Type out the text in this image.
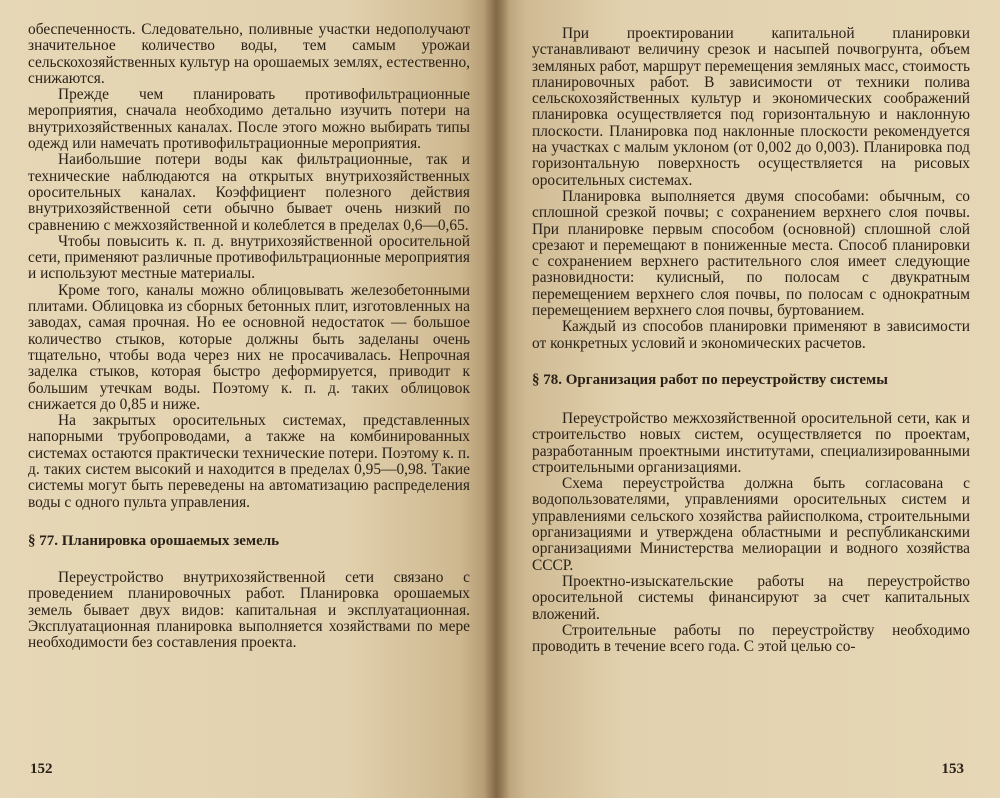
обеспеченность. Следовательно, поливные участки недополучают значительное количество воды, тем самым урожаи сельскохозяйственных культур на орошаемых землях, естественно, снижаются.

Прежде чем планировать противофильтрационные мероприятия, сначала необходимо детально изучить потери на внутрихозяйственных каналах. После этого можно выбирать типы одежд или намечать противофильтрационные мероприятия.

Наибольшие потери воды как фильтрационные, так и технические наблюдаются на открытых внутрихозяйственных оросительных каналах. Коэффициент полезного действия внутрихозяйственной сети обычно бывает очень низкий по сравнению с межхозяйственной и колеблется в пределах 0,6—0,65.

Чтобы повысить к. п. д. внутрихозяйственной оросительной сети, применяют различные противофильтрационные мероприятия и используют местные материалы.

Кроме того, каналы можно облицовывать железобетонными плитами. Облицовка из сборных бетонных плит, изготовленных на заводах, самая прочная. Но ее основной недостаток — большое количество стыков, которые должны быть заделаны очень тщательно, чтобы вода через них не просачивалась. Непрочная заделка стыков, которая быстро деформируется, приводит к большим утечкам воды. Поэтому к. п. д. таких облицовок снижается до 0,85 и ниже.

На закрытых оросительных системах, представленных напорными трубопроводами, а также на комбинированных системах остаются практически технические потери. Поэтому к. п. д. таких систем высокий и находится в пределах 0,95—0,98. Такие системы могут быть переведены на автоматизацию распределения воды с одного пульта управления.

§ 77. Планировка орошаемых земель

Переустройство внутрихозяйственной сети связано с проведением планировочных работ. Планировка орошаемых земель бывает двух видов: капитальная и эксплуатационная. Эксплуатационная планировка выполняется хозяйствами по мере необходимости без составления проекта.

152

При проектировании капитальной планировки устанавливают величину срезок и насыпей почвогрунта, объем земляных работ, маршрут перемещения земляных масс, стоимость планировочных работ. В зависимости от техники полива сельскохозяйственных культур и экономических соображений планировка осуществляется под горизонтальную и наклонную плоскости. Планировка под наклонные плоскости рекомендуется на участках с малым уклоном (от 0,002 до 0,003). Планировка под горизонтальную поверхность осуществляется на рисовых оросительных системах.

Планировка выполняется двумя способами: обычным, со сплошной срезкой почвы; с сохранением верхнего слоя почвы. При планировке первым способом (основной) сплошной слой срезают и перемещают в пониженные места. Способ планировки с сохранением верхнего растительного слоя имеет следующие разновидности: кулисный, по полосам с двукратным перемещением верхнего слоя почвы, по полосам с однократным перемещением верхнего слоя почвы, буртованием.

Каждый из способов планировки применяют в зависимости от конкретных условий и экономических расчетов.

§ 78. Организация работ по переустройству системы

Переустройство межхозяйственной оросительной сети, как и строительство новых систем, осуществляется по проектам, разработанным проектными институтами, специализированными строительными организациями.

Схема переустройства должна быть согласована с водопользователями, управлениями оросительных систем и управлениями сельского хозяйства райисполкома, строительными организациями и утверждена областными и республиканскими организациями Министерства мелиорации и водного хозяйства СССР.

Проектно-изыскательские работы на переустройство оросительной системы финансируют за счет капитальных вложений.

Строительные работы по переустройству необходимо проводить в течение всего года. С этой целью со-

153
